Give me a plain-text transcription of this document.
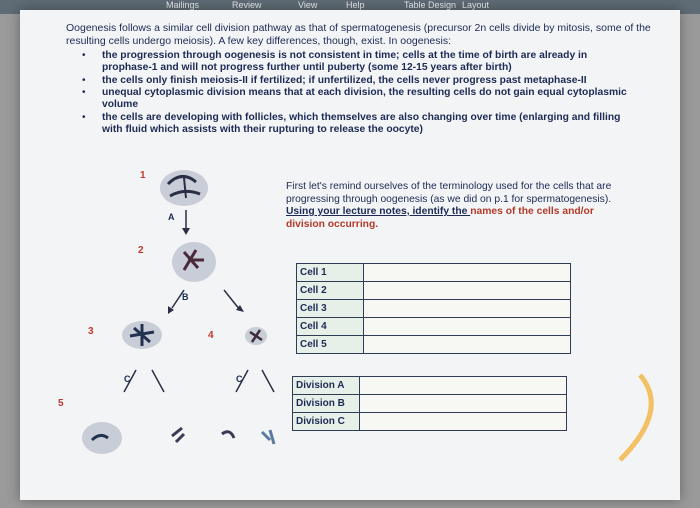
Mailings	Review	View	Help	Table Design Layout
Oogenesis follows a similar cell division pathway as that of spermatogenesis (precursor 2n cells divide by mitosis, some of the resulting cells undergo meiosis). A few key differences, though, exist. In oogenesis:
• the progression through oogenesis is not consistent in time; cells at the time of birth are already in prophase-1 and will not progress further until puberty (some 12-15 years after birth)
• the cells only finish meiosis-II if fertilized; if unfertilized, the cells never progress past metaphase-II
• unequal cytoplasmic division means that at each division, the resulting cells do not gain equal cytoplasmic volume
• the cells are developing with follicles, which themselves are also changing over time (enlarging and filling with fluid which assists with their rupturing to release the oocyte)
1
2
3	4
5
A
B
C	C
First let's remind ourselves of the terminology used for the cells that are progressing through oogenesis (as we did on p.1 for spermatogenesis). Using your lecture notes, identify the names of the cells and/or division occurring.
Cell 1	
Cell 2	
Cell 3	
Cell 4	
Cell 5	
Division A	
Division B	
Division C	
